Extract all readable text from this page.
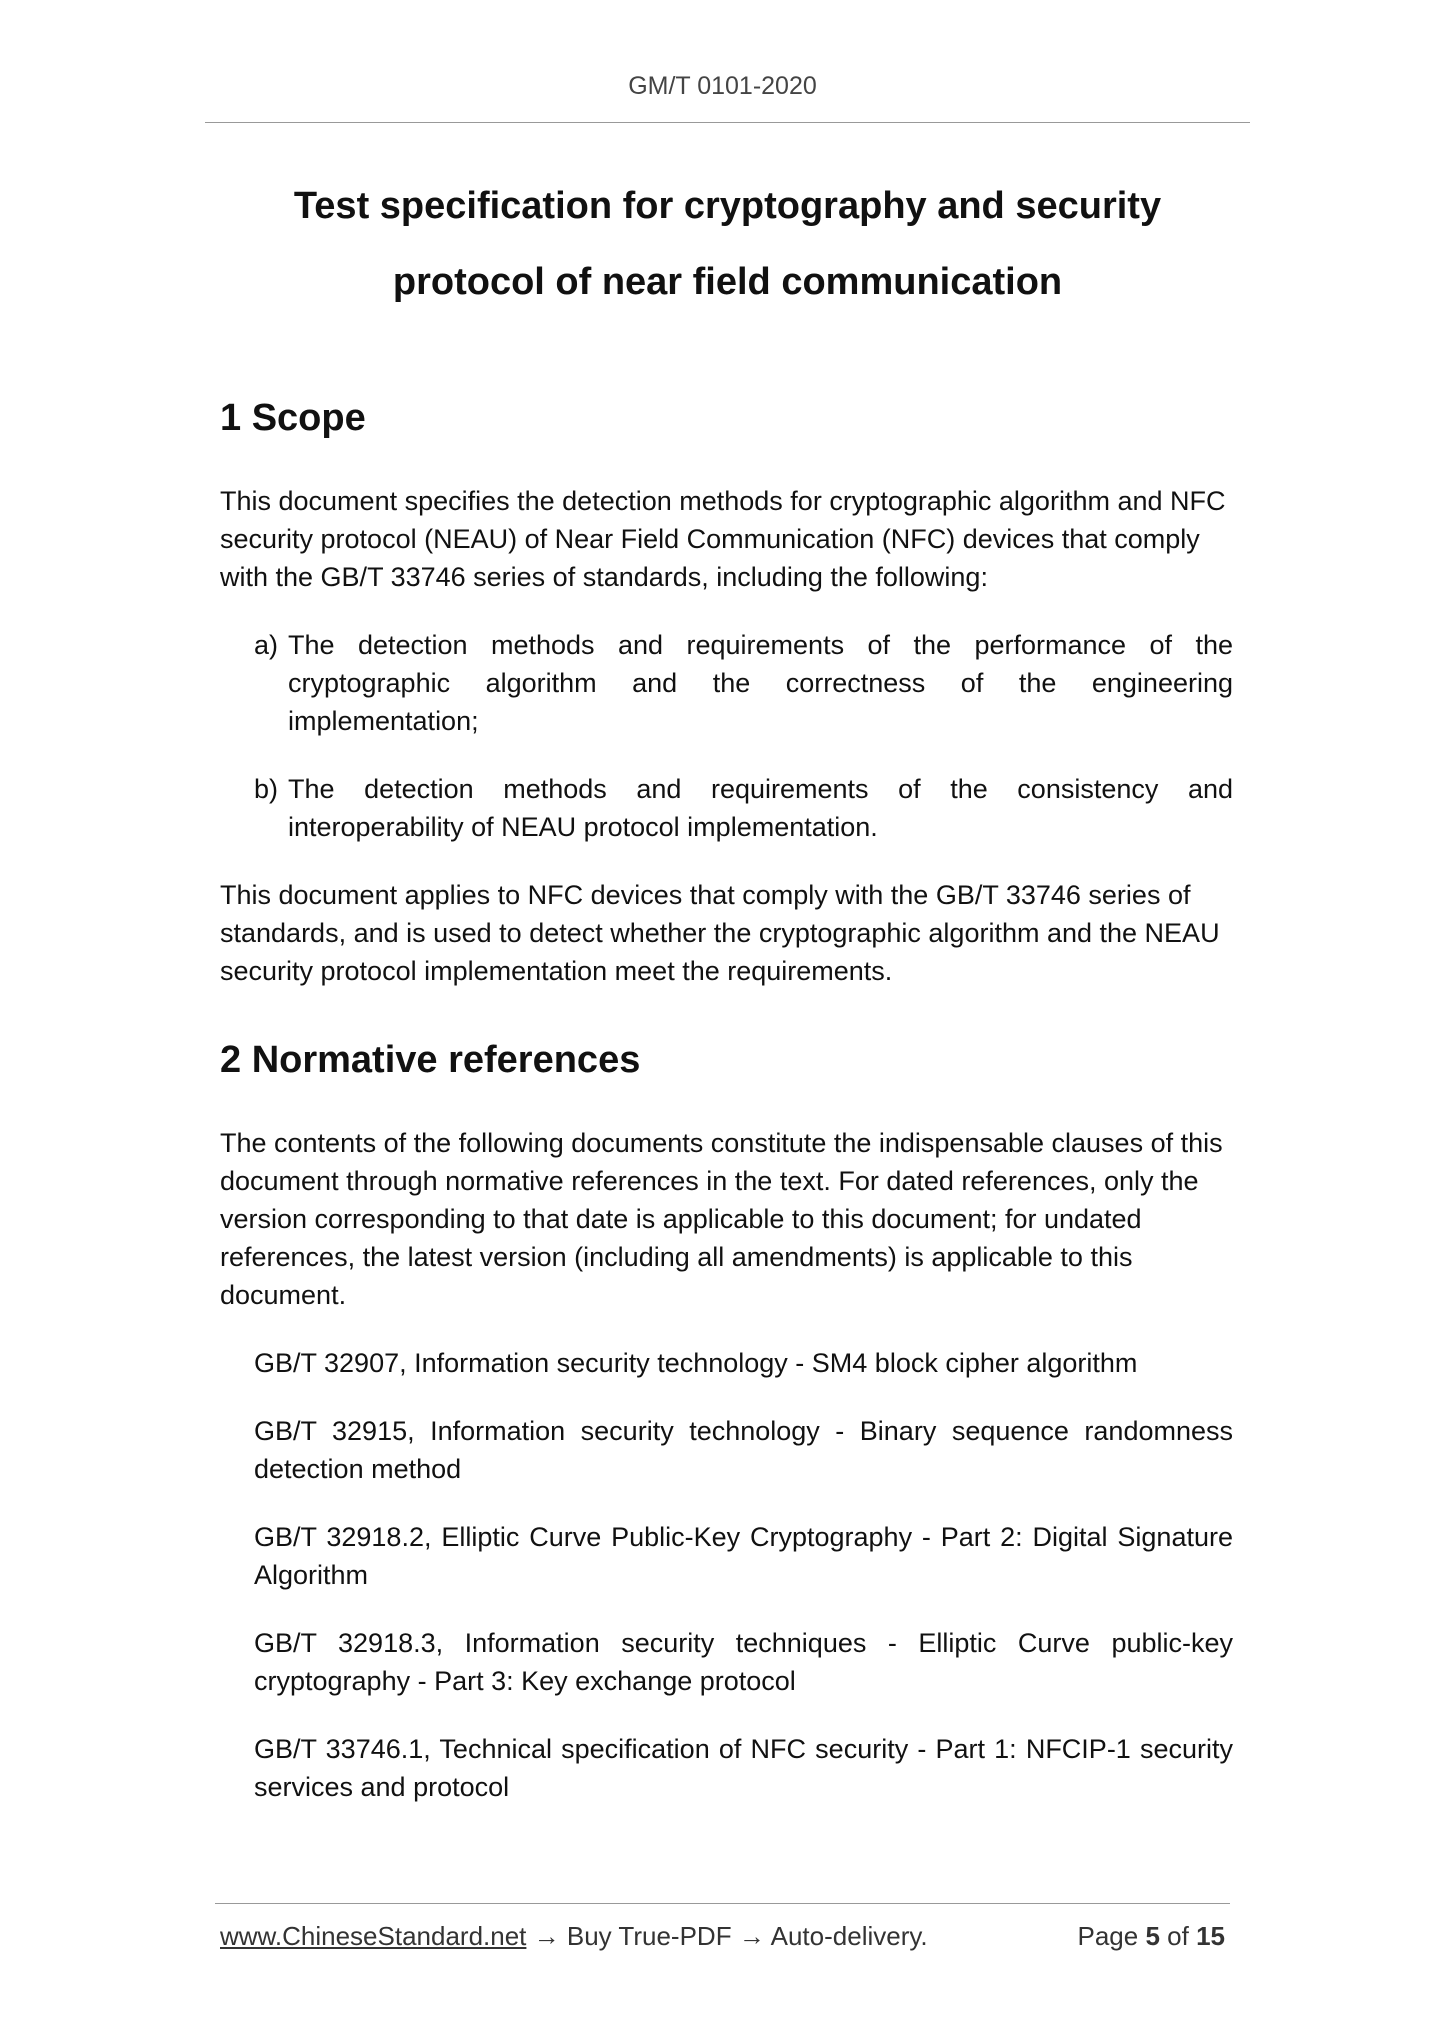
GM/T 0101-2020
Test specification for cryptography and security
protocol of near field communication
1 Scope

This document specifies the detection methods for cryptographic algorithm and NFC security protocol (NEAU) of Near Field Communication (NFC) devices that comply with the GB/T 33746 series of standards, including the following:

a) The detection methods and requirements of the performance of the cryptographic algorithm and the correctness of the engineering implementation;
b) The detection methods and requirements of the consistency and interoperability of NEAU protocol implementation.

This document applies to NFC devices that comply with the GB/T 33746 series of standards, and is used to detect whether the cryptographic algorithm and the NEAU security protocol implementation meet the requirements.

2 Normative references

The contents of the following documents constitute the indispensable clauses of this document through normative references in the text. For dated references, only the version corresponding to that date is applicable to this document; for undated references, the latest version (including all amendments) is applicable to this document.

GB/T 32907, Information security technology - SM4 block cipher algorithm

GB/T 32915, Information security technology - Binary sequence randomness detection method

GB/T 32918.2, Elliptic Curve Public-Key Cryptography - Part 2: Digital Signature Algorithm

GB/T 32918.3, Information security techniques - Elliptic Curve public-key cryptography - Part 3: Key exchange protocol

GB/T 33746.1, Technical specification of NFC security - Part 1: NFCIP-1 security services and protocol

www.ChineseStandard.net → Buy True-PDF → Auto-delivery.	Page 5 of 15
